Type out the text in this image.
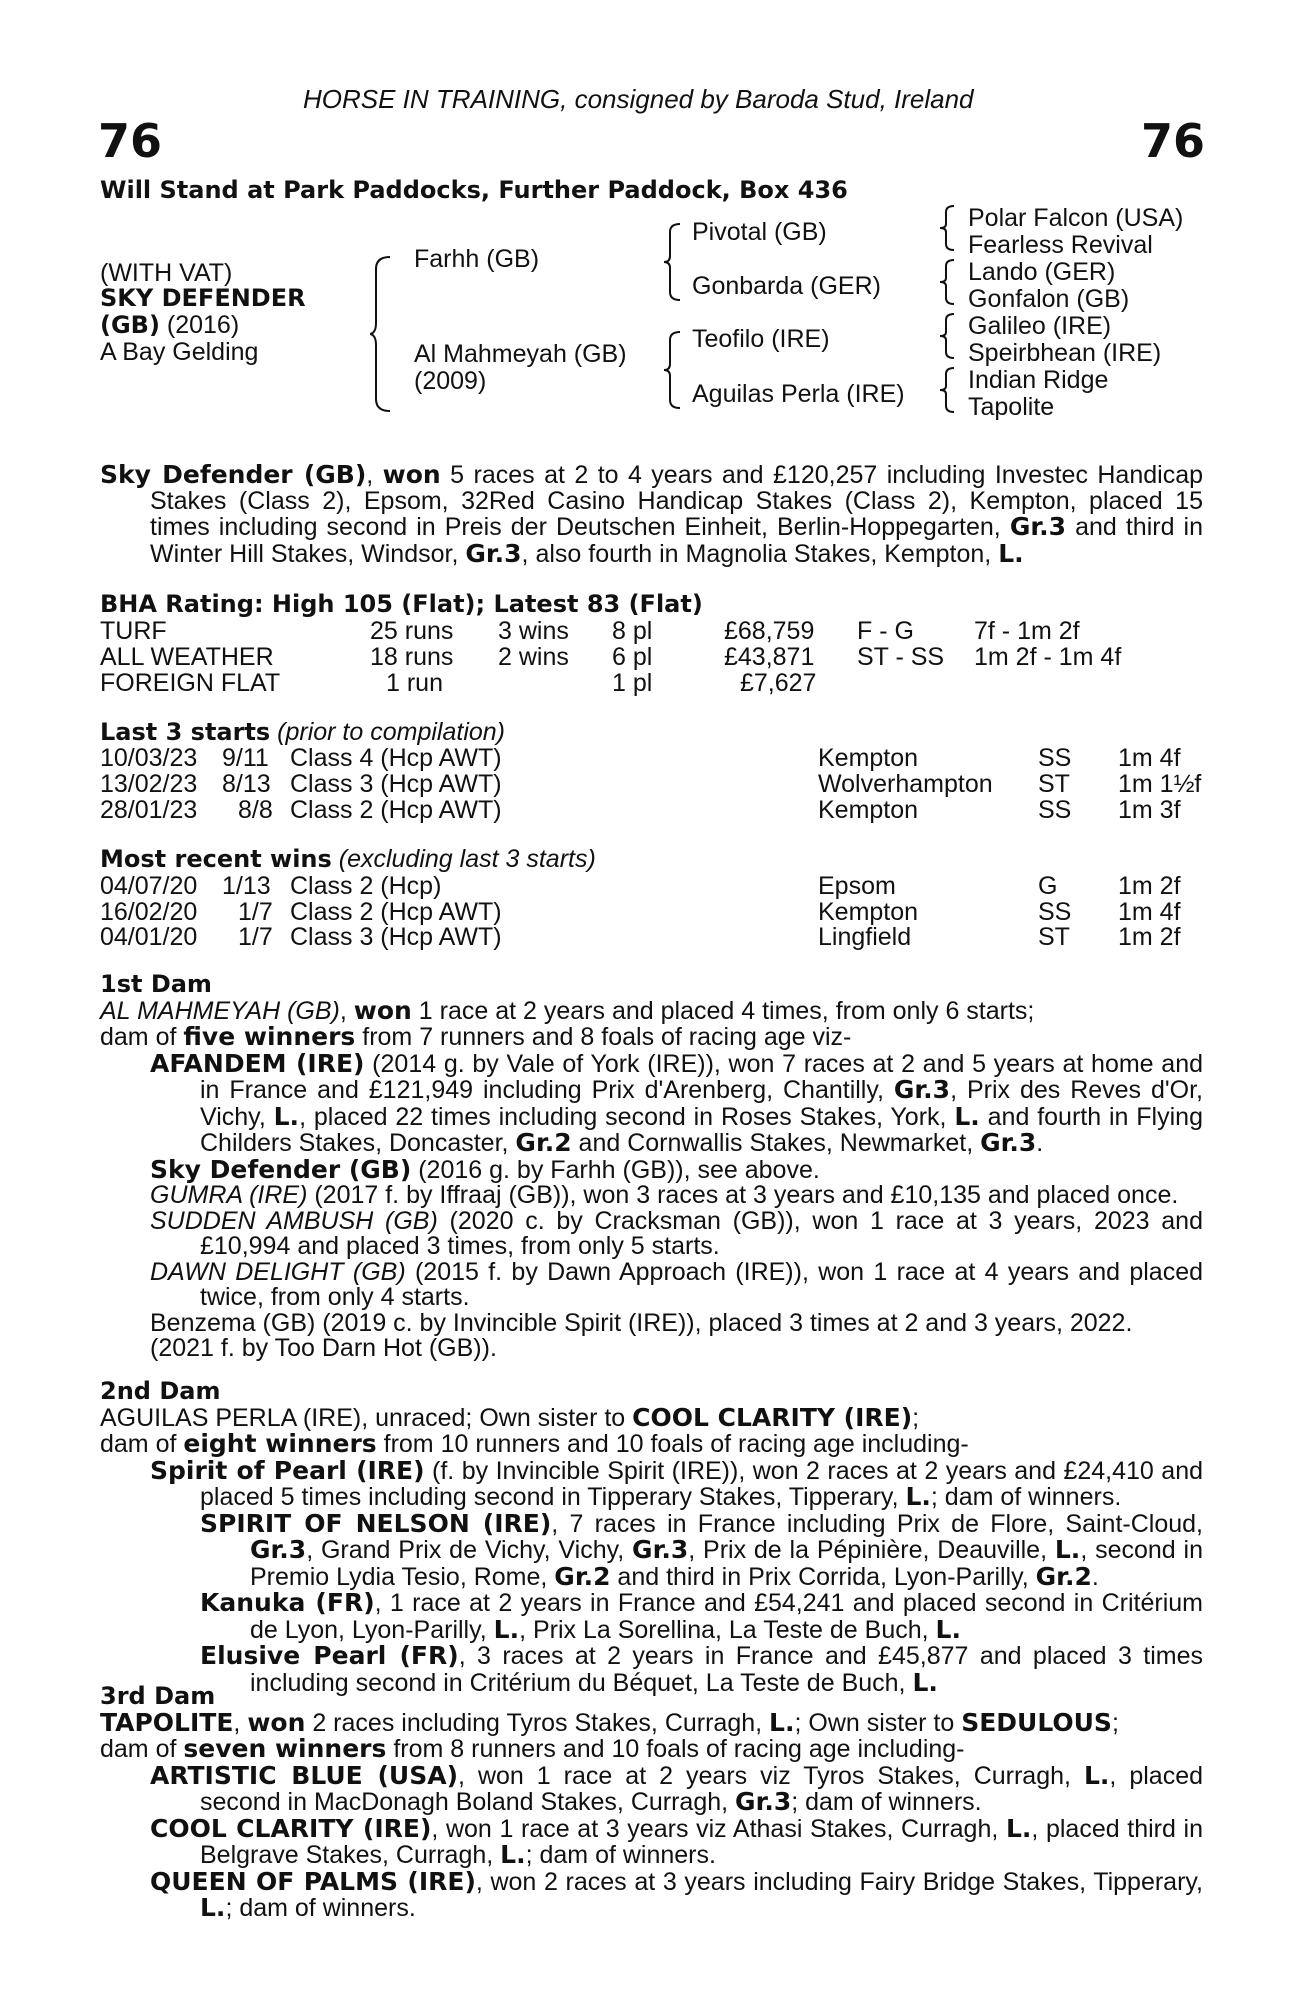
HORSE IN TRAINING, consigned by Baroda Stud, Ireland
76	76
Will Stand at Park Paddocks, Further Paddock, Box 436
(WITH VAT)
SKY DEFENDER
(GB) (2016)
A Bay Gelding
Farhh (GB)
Al Mahmeyah (GB)
(2009)
Pivotal (GB)
Gonbarda (GER)
Teofilo (IRE)
Aguilas Perla (IRE)
Polar Falcon (USA)
Fearless Revival
Lando (GER)
Gonfalon (GB)
Galileo (IRE)
Speirbhean (IRE)
Indian Ridge
Tapolite

Sky Defender (GB), won 5 races at 2 to 4 years and £120,257 including Investec Handicap Stakes (Class 2), Epsom, 32Red Casino Handicap Stakes (Class 2), Kempton, placed 15 times including second in Preis der Deutschen Einheit, Berlin-Hoppegarten, Gr.3 and third in Winter Hill Stakes, Windsor, Gr.3, also fourth in Magnolia Stakes, Kempton, L.

BHA Rating: High 105 (Flat); Latest 83 (Flat)
TURF	25 runs 3 wins 8 pl	£68,759 F - G 7f - 1m 2f
ALL WEATHER	18 runs 2 wins 6 pl	£43,871 ST - SS 1m 2f - 1m 4f
FOREIGN FLAT	1 run	1 pl	£7,627
Last 3 starts (prior to compilation)
10/03/23 9/11 Class 4 (Hcp AWT)	Kempton	SS 1m 4f
13/02/23 8/13 Class 3 (Hcp AWT)	Wolverhampton ST 1m 1½f
28/01/23 8/8 Class 2 (Hcp AWT)	Kempton	SS 1m 3f
Most recent wins (excluding last 3 starts)
04/07/20 1/13 Class 2 (Hcp)	Epsom	G 1m 2f
16/02/20 1/7 Class 2 (Hcp AWT)	Kempton	SS 1m 4f
04/01/20 1/7 Class 3 (Hcp AWT)	Lingfield	ST 1m 2f
1st Dam

AL MAHMEYAH (GB), won 1 race at 2 years and placed 4 times, from only 6 starts;

dam of five winners from 7 runners and 8 foals of racing age viz-

AFANDEM (IRE) (2014 g. by Vale of York (IRE)), won 7 races at 2 and 5 years at home and in France and £121,949 including Prix d'Arenberg, Chantilly, Gr.3, Prix des Reves d'Or, Vichy, L., placed 22 times including second in Roses Stakes, York, L. and fourth in Flying Childers Stakes, Doncaster, Gr.2 and Cornwallis Stakes, Newmarket, Gr.3.

Sky Defender (GB) (2016 g. by Farhh (GB)), see above.

GUMRA (IRE) (2017 f. by Iffraaj (GB)), won 3 races at 3 years and £10,135 and placed once.

SUDDEN AMBUSH (GB) (2020 c. by Cracksman (GB)), won 1 race at 3 years, 2023 and £10,994 and placed 3 times, from only 5 starts.

DAWN DELIGHT (GB) (2015 f. by Dawn Approach (IRE)), won 1 race at 4 years and placed twice, from only 4 starts.

Benzema (GB) (2019 c. by Invincible Spirit (IRE)), placed 3 times at 2 and 3 years, 2022.

(2021 f. by Too Darn Hot (GB)).

2nd Dam

AGUILAS PERLA (IRE), unraced; Own sister to COOL CLARITY (IRE);

dam of eight winners from 10 runners and 10 foals of racing age including-

Spirit of Pearl (IRE) (f. by Invincible Spirit (IRE)), won 2 races at 2 years and £24,410 and placed 5 times including second in Tipperary Stakes, Tipperary, L.; dam of winners.

SPIRIT OF NELSON (IRE), 7 races in France including Prix de Flore, Saint-Cloud, Gr.3, Grand Prix de Vichy, Vichy, Gr.3, Prix de la Pépinière, Deauville, L., second in Premio Lydia Tesio, Rome, Gr.2 and third in Prix Corrida, Lyon-Parilly, Gr.2.

Kanuka (FR), 1 race at 2 years in France and £54,241 and placed second in Critérium de Lyon, Lyon-Parilly, L., Prix La Sorellina, La Teste de Buch, L.

Elusive Pearl (FR), 3 races at 2 years in France and £45,877 and placed 3 times including second in Critérium du Béquet, La Teste de Buch, L.

3rd Dam

TAPOLITE, won 2 races including Tyros Stakes, Curragh, L.; Own sister to SEDULOUS;

dam of seven winners from 8 runners and 10 foals of racing age including-

ARTISTIC BLUE (USA), won 1 race at 2 years viz Tyros Stakes, Curragh, L., placed second in MacDonagh Boland Stakes, Curragh, Gr.3; dam of winners.

COOL CLARITY (IRE), won 1 race at 3 years viz Athasi Stakes, Curragh, L., placed third in Belgrave Stakes, Curragh, L.; dam of winners.

QUEEN OF PALMS (IRE), won 2 races at 3 years including Fairy Bridge Stakes, Tipperary, L.; dam of winners.
